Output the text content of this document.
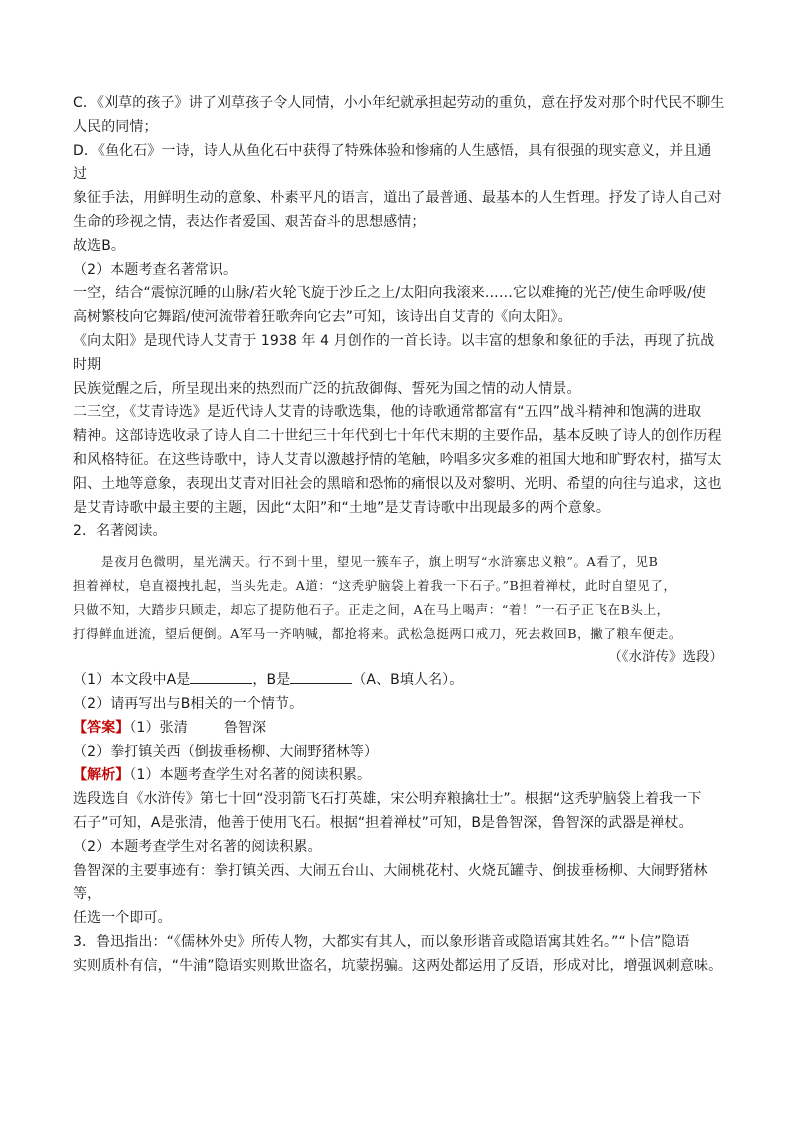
C．《刈草的孩子》讲了刈草孩子令人同情，小小年纪就承担起劳动的重负，意在抒发对那个时代民不聊生

人民的同情；

D．《鱼化石》一诗，诗人从鱼化石中获得了特殊体验和惨痛的人生感悟，具有很强的现实意义，并且通过

象征手法，用鲜明生动的意象、朴素平凡的语言，道出了最普通、最基本的人生哲理。抒发了诗人自己对

生命的珍视之情，表达作者爱国、艰苦奋斗的思想感情；

故选B。

（2）本题考查名著常识。

一空，结合“震惊沉睡的山脉/若火轮飞旋于沙丘之上/太阳向我滚来……它以难掩的光芒/使生命呼吸/使

高树繁枝向它舞蹈/使河流带着狂歌奔向它去”可知，该诗出自艾青的《向太阳》。

《向太阳》是现代诗人艾青于 1938 年 4 月创作的一首长诗。以丰富的想象和象征的手法，再现了抗战时期

民族觉醒之后，所呈现出来的热烈而广泛的抗敌御侮、誓死为国之情的动人情景。

二三空，《艾青诗选》是近代诗人艾青的诗歌选集，他的诗歌通常都富有“五四”战斗精神和饱满的进取

精神。这部诗选收录了诗人自二十世纪三十年代到七十年代末期的主要作品，基本反映了诗人的创作历程

和风格特征。在这些诗歌中，诗人艾青以激越抒情的笔触，吟唱多灾多难的祖国大地和旷野农村，描写太

阳、土地等意象，表现出艾青对旧社会的黑暗和恐怖的痛恨以及对黎明、光明、希望的向往与追求，这也

是艾青诗歌中最主要的主题，因此“太阳”和“土地”是艾青诗歌中出现最多的两个意象。

2．名著阅读。

是夜月色微明，星光满天。行不到十里，望见一簇车子，旗上明写“水浒寨忠义粮”。A看了，见B
担着禅杖，皂直裰拽扎起，当头先走。A道：“这秃驴脑袋上着我一下石子。”B担着禅杖，此时自望见了，
只做不知，大踏步只顾走，却忘了提防他石子。正走之间，A在马上喝声：“着！”一石子正飞在B头上，
打得鲜血迸流，望后便倒。A军马一齐呐喊，都抢将来。武松急挺两口戒刀，死去救回B，撇了粮车便走。

（《水浒传》选段）

（1）本文段中A是	，B是	（A、B填人名）。

（2）请再写出与B相关的一个情节。

【答案】（1）张清	鲁智深

（2）拳打镇关西（倒拔垂杨柳、大闹野猪林等）

【解析】（1）本题考查学生对名著的阅读积累。

选段选自《水浒传》第七十回“没羽箭飞石打英雄，宋公明弃粮擒壮士”。根据“这秃驴脑袋上着我一下

石子”可知，A是张清，他善于使用飞石。根据“担着禅杖”可知，B是鲁智深，鲁智深的武器是禅杖。

（2）本题考查学生对名著的阅读积累。

鲁智深的主要事迹有：拳打镇关西、大闹五台山、大闹桃花村、火烧瓦罐寺、倒拔垂杨柳、大闹野猪林等，

任选一个即可。

3．鲁迅指出：“《儒林外史》所传人物，大都实有其人，而以象形谐音或隐语寓其姓名。”“卜信”隐语

实则质朴有信，“牛浦”隐语实则欺世盗名，坑蒙拐骗。这两处都运用了反语，形成对比，增强讽刺意味。
